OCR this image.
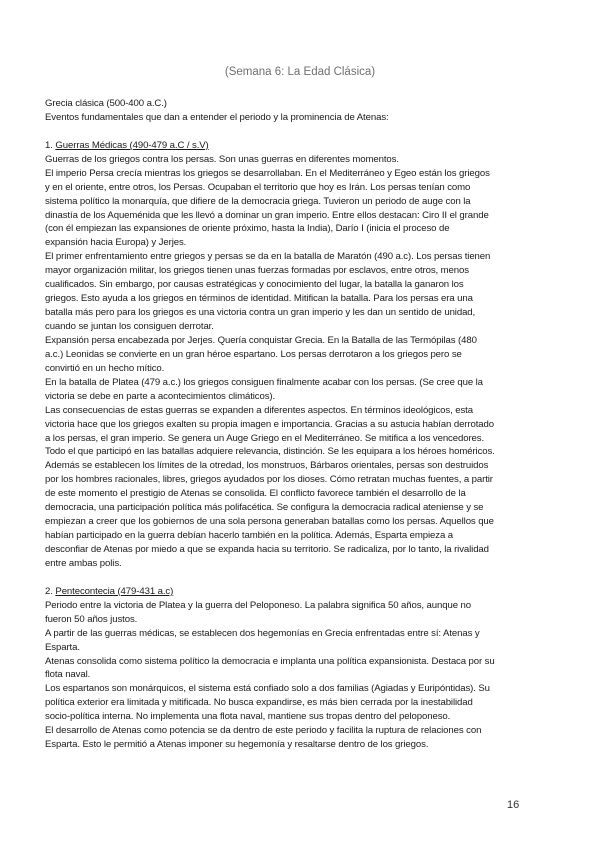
(Semana 6: La Edad Clásica)
Grecia clásica (500-400 a.C.)
Eventos fundamentales que dan a entender el periodo y la prominencia de Atenas:
1. Guerras Médicas (490-479 a.C / s.V)
Guerras de los griegos contra los persas. Son unas guerras en diferentes momentos.
El imperio Persa crecía mientras los griegos se desarrollaban. En el Mediterráneo y Egeo están los griegos
y en el oriente, entre otros, los Persas. Ocupaban el territorio que hoy es Irán. Los persas tenían como
sistema político la monarquía, que difiere de la democracia griega. Tuvieron un periodo de auge con la
dinastía de los Aqueménida que les llevó a dominar un gran imperio. Entre ellos destacan: Ciro II el grande
(con él empiezan las expansiones de oriente próximo, hasta la India), Darío I (inicia el proceso de
expansión hacia Europa) y Jerjes.
El primer enfrentamiento entre griegos y persas se da en la batalla de Maratón (490 a.c). Los persas tienen
mayor organización militar, los griegos tienen unas fuerzas formadas por esclavos, entre otros, menos
cualificados. Sin embargo, por causas estratégicas y conocimiento del lugar, la batalla la ganaron los
griegos. Esto ayuda a los griegos en términos de identidad. Mitifican la batalla. Para los persas era una
batalla más pero para los griegos es una victoria contra un gran imperio y les dan un sentido de unidad,
cuando se juntan los consiguen derrotar.
Expansión persa encabezada por Jerjes. Quería conquistar Grecia. En la Batalla de las Termópilas (480
a.c.) Leonidas se convierte en un gran héroe espartano. Los persas derrotaron a los griegos pero se
convirtió en un hecho mítico.
En la batalla de Platea (479 a.c.) los griegos consiguen finalmente acabar con los persas. (Se cree que la
victoria se debe en parte a acontecimientos climáticos).
Las consecuencias de estas guerras se expanden a diferentes aspectos. En términos ideológicos, esta
victoria hace que los griegos exalten su propia imagen e importancia. Gracias a su astucia habían derrotado
a los persas, el gran imperio. Se genera un Auge Griego en el Mediterráneo. Se mitifica a los vencedores.
Todo el que participó en las batallas adquiere relevancia, distinción. Se les equipara a los héroes homéricos.
Además se establecen los límites de la otredad, los monstruos, Bárbaros orientales, persas son destruidos
por los hombres racionales, libres, griegos ayudados por los dioses. Cómo retratan muchas fuentes, a partir
de este momento el prestigio de Atenas se consolida. El conflicto favorece también el desarrollo de la
democracia, una participación política más polifacética. Se configura la democracia radical ateniense y se
empiezan a creer que los gobiernos de una sola persona generaban batallas como los persas. Aquellos que
habían participado en la guerra debían hacerlo también en la política. Además, Esparta empieza a
desconfiar de Atenas por miedo a que se expanda hacia su territorio. Se radicaliza, por lo tanto, la rivalidad
entre ambas polis.
2. Pentecontecia (479-431 a.c)
Periodo entre la victoria de Platea y la guerra del Peloponeso. La palabra significa 50 años, aunque no
fueron 50 años justos.
A partir de las guerras médicas, se establecen dos hegemonías en Grecia enfrentadas entre sí: Atenas y
Esparta.
Atenas consolida como sistema político la democracia e implanta una política expansionista. Destaca por su
flota naval.
Los espartanos son monárquicos, el sistema está confiado solo a dos familias (Agiadas y Euripóntidas). Su
política exterior era limitada y mitificada. No busca expandirse, es más bien cerrada por la inestabilidad
socio-política interna. No implementa una flota naval, mantiene sus tropas dentro del peloponeso.
El desarrollo de Atenas como potencia se da dentro de este periodo y facilita la ruptura de relaciones con
Esparta. Esto le permitió a Atenas imponer su hegemonía y resaltarse dentro de los griegos.
16
